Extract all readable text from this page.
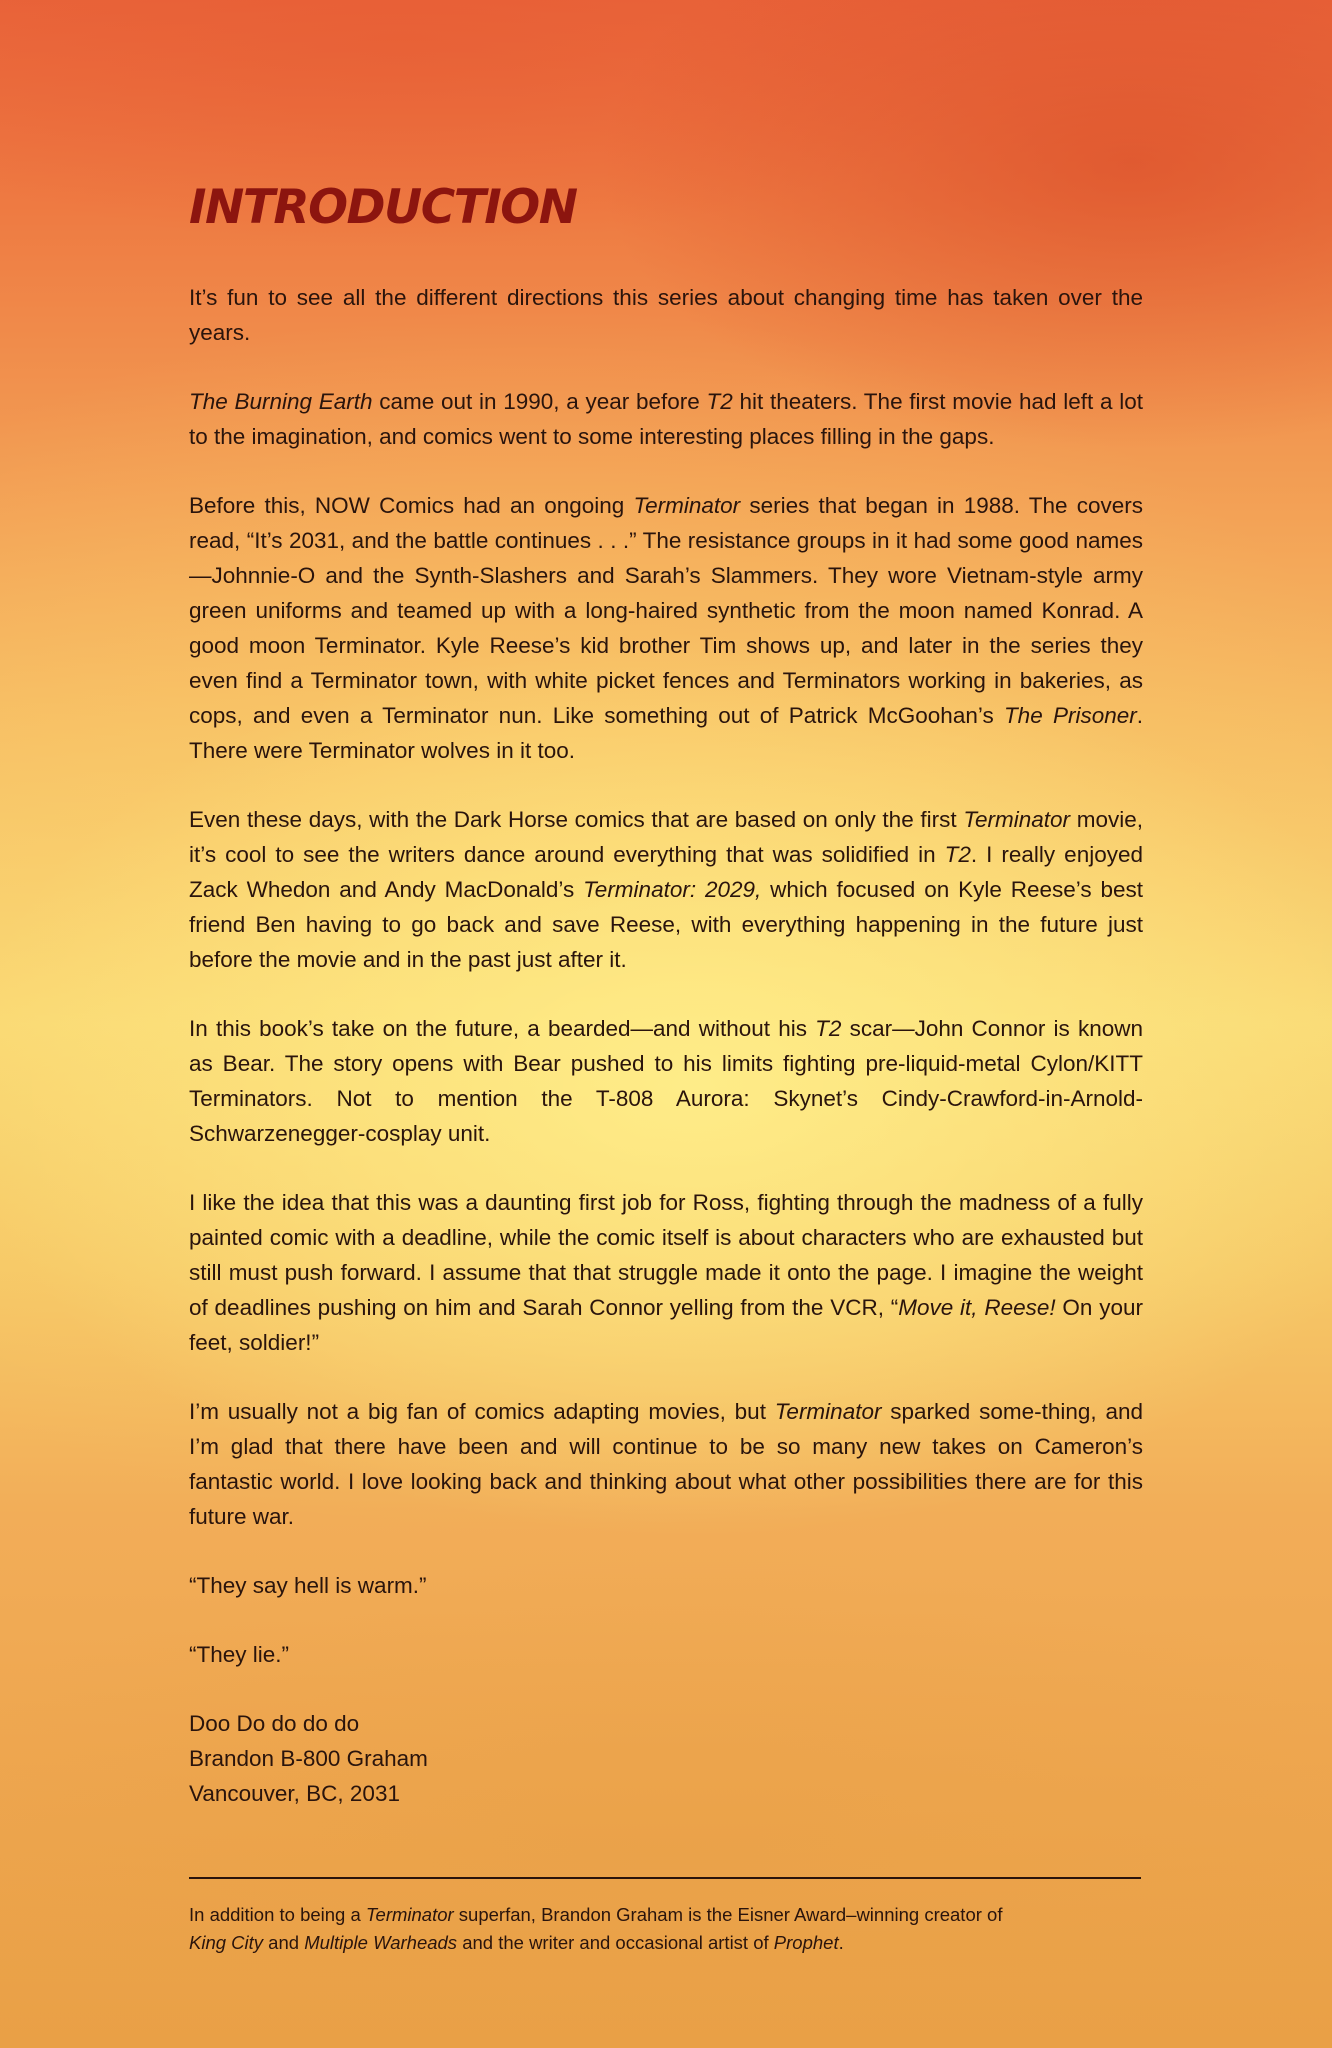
INTRODUCTION

It’s fun to see all the different directions this series about changing time has taken over the years.

The Burning Earth came out in 1990, a year before T2 hit theaters. The first movie had left a lot to the imagination, and comics went to some interesting places filling in the gaps.

Before this, NOW Comics had an ongoing Terminator series that began in 1988. The covers read, “It’s 2031, and the battle continues . . .” The resistance groups in it had some good names—Johnnie-O and the Synth-Slashers and Sarah’s Slammers. They wore Vietnam-style army green uniforms and teamed up with a long-haired synthetic from the moon named Konrad. A good moon Terminator. Kyle Reese’s kid brother Tim shows up, and later in the series they even find a Terminator town, with white picket fences and Terminators working in bakeries, as cops, and even a Terminator nun. Like something out of Patrick McGoohan’s The Prisoner. There were Terminator wolves in it too.

Even these days, with the Dark Horse comics that are based on only the first Terminator movie, it’s cool to see the writers dance around everything that was solidified in T2. I really enjoyed Zack Whedon and Andy MacDonald’s Terminator: 2029, which focused on Kyle Reese’s best friend Ben having to go back and save Reese, with everything happening in the future just before the movie and in the past just after it.

In this book’s take on the future, a bearded—and without his T2 scar—John Connor is known as Bear. The story opens with Bear pushed to his limits fighting pre-liquid-metal Cylon/KITT Terminators. Not to mention the T-808 Aurora: Skynet’s Cindy-Crawford-in-Arnold-Schwarzenegger-cosplay unit.

I like the idea that this was a daunting first job for Ross, fighting through the madness of a fully painted comic with a deadline, while the comic itself is about characters who are exhausted but still must push forward. I assume that that struggle made it onto the page. I imagine the weight of deadlines pushing on him and Sarah Connor yelling from the VCR, “Move it, Reese! On your feet, soldier!”

I’m usually not a big fan of comics adapting movies, but Terminator sparked some-thing, and I’m glad that there have been and will continue to be so many new takes on Cameron’s fantastic world. I love looking back and thinking about what other possibilities there are for this future war.

“They say hell is warm.”

“They lie.”

Doo Do do do do
Brandon B-800 Graham
Vancouver, BC, 2031

In addition to being a Terminator superfan, Brandon Graham is the Eisner Award–winning creator of
King City and Multiple Warheads and the writer and occasional artist of Prophet.
